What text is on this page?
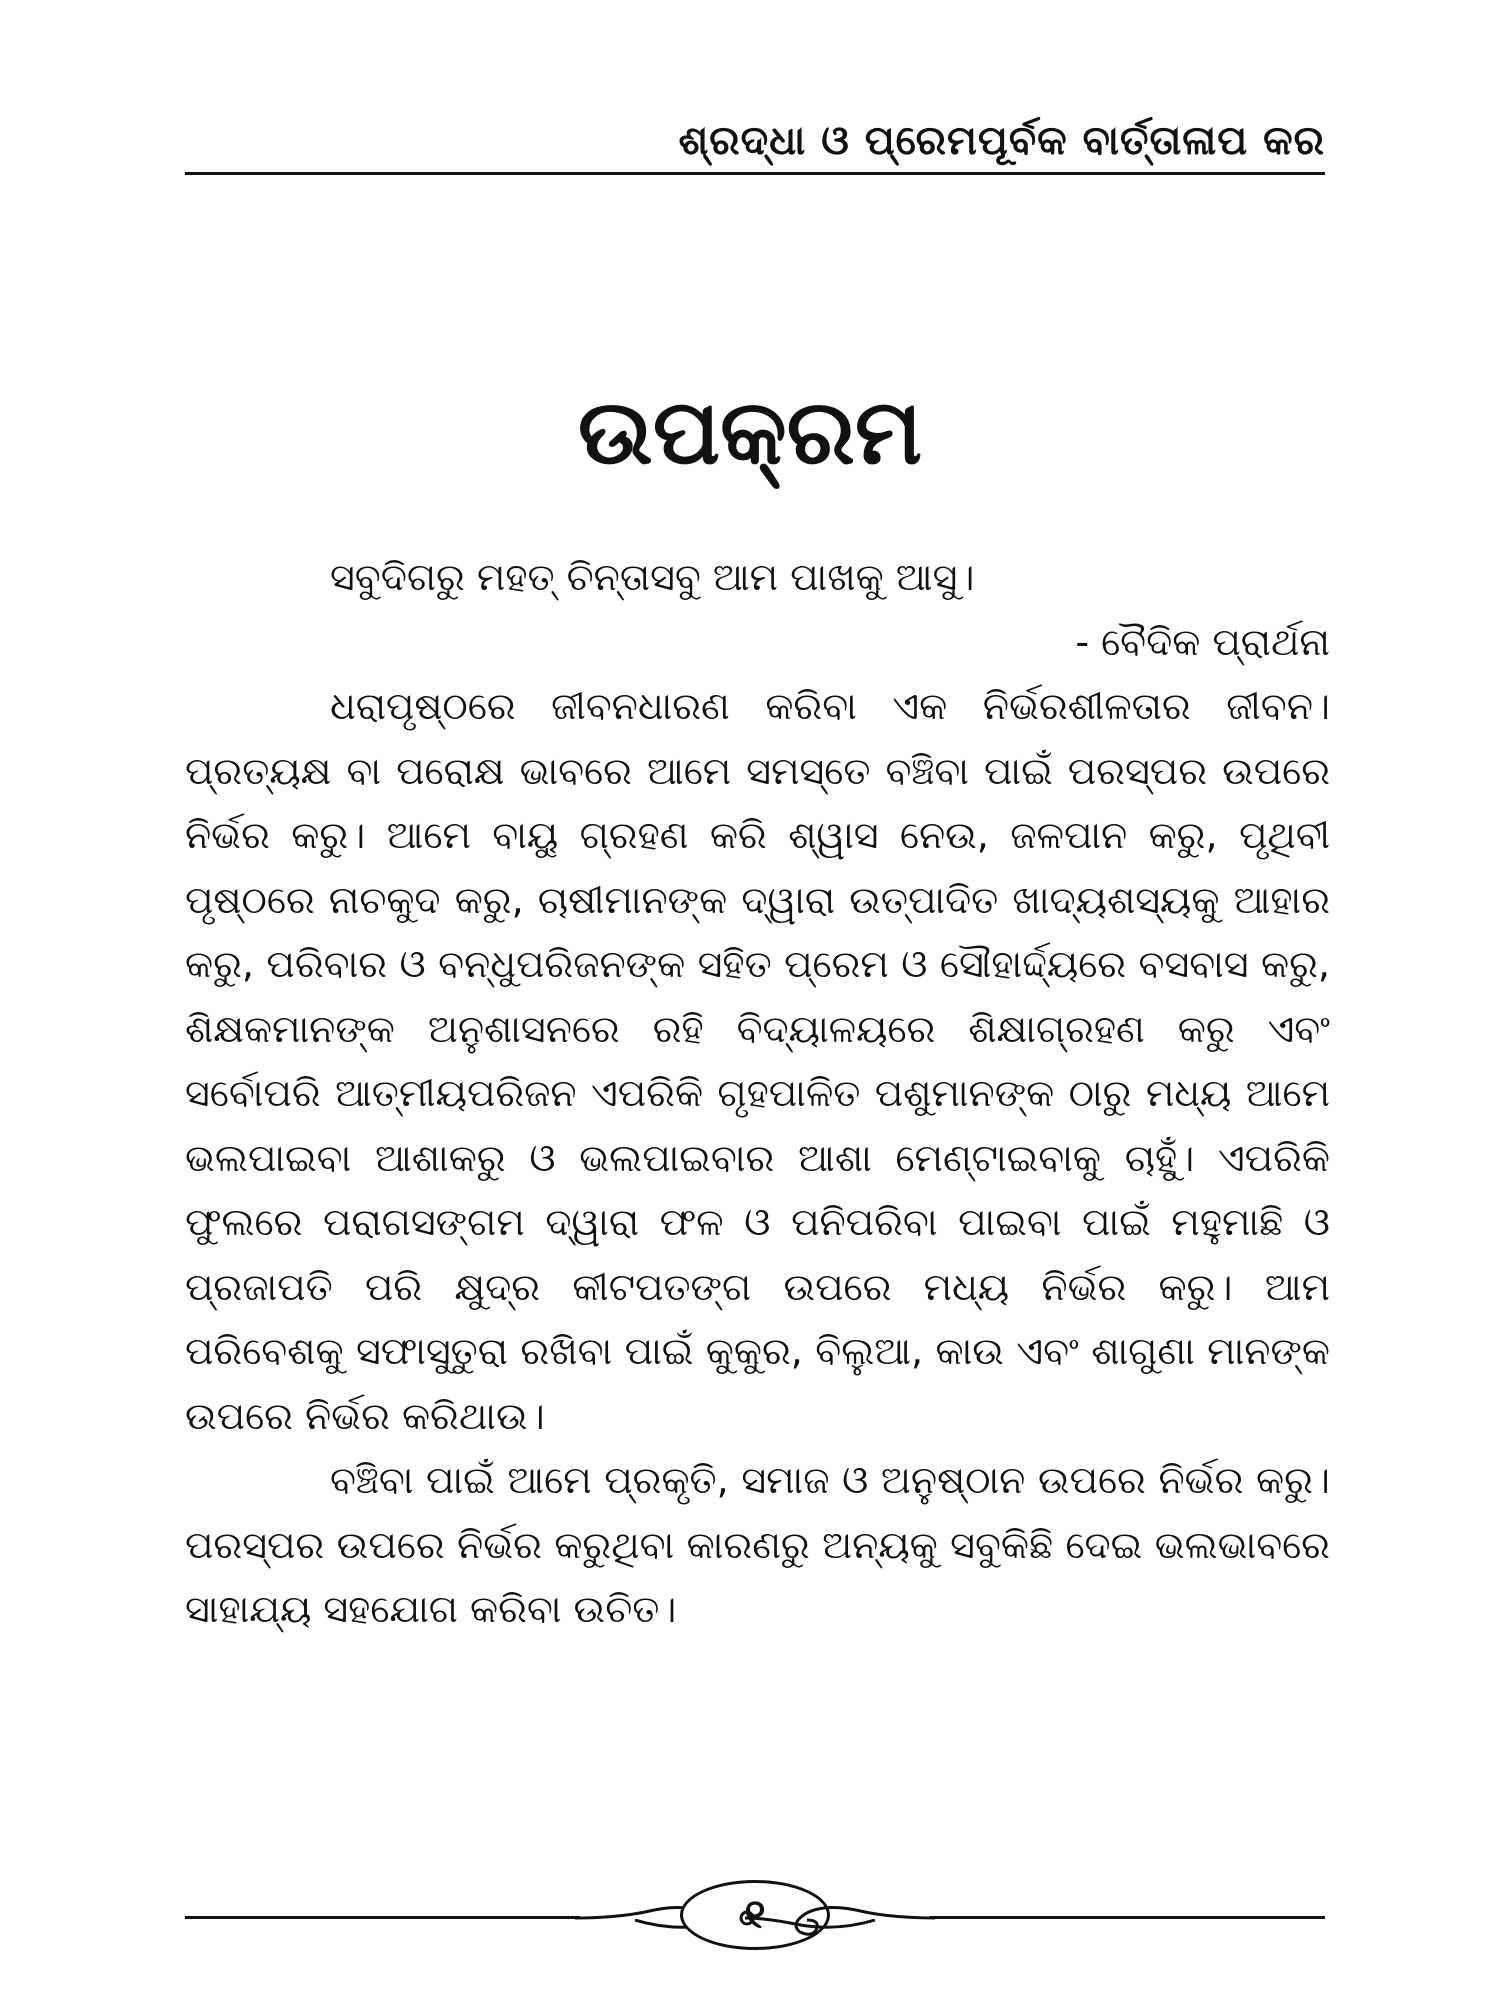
ଶ୍ରଦ୍ଧା ଓ ପ୍ରେମପୂର୍ବକ ବାର୍ତ୍ତାଳାପ କର
ଉପକ୍ରମ
ସବୁଦିଗରୁ ମହତ୍ ଚିନ୍ତାସବୁ ଆମ ପାଖକୁ ଆସୁ।
- ବୈଦିକ ପ୍ରାର୍ଥନା

ଧରାପୃଷ୍ଠରେ ଜୀବନଧାରଣ କରିବା ଏକ ନିର୍ଭରଶୀଳତାର ଜୀବନ। ପ୍ରତ୍ୟକ୍ଷ ବା ପରୋକ୍ଷ ଭାବରେ ଆମେ ସମସ୍ତେ ବଞ୍ଚିବା ପାଇଁ ପରସ୍ପର ଉପରେ ନିର୍ଭର କରୁ। ଆମେ ବାୟୁ ଗ୍ରହଣ କରି ଶ୍ୱାସ ନେଉ, ଜଳପାନ କରୁ, ପୃଥିବୀ ପୃଷ୍ଠରେ ନାଚକୁଦ କରୁ, ଚାଷୀମାନଙ୍କ ଦ୍ୱାରା ଉତ୍ପାଦିତ ଖାଦ୍ୟଶସ୍ୟକୁ ଆହାର କରୁ, ପରିବାର ଓ ବନ୍ଧୁପରିଜନଙ୍କ ସହିତ ପ୍ରେମ ଓ ସୌହାର୍ଦ୍ଦ୍ୟରେ ବସବାସ କରୁ, ଶିକ୍ଷକମାନଙ୍କ ଅନୁଶାସନରେ ରହି ବିଦ୍ୟାଳୟରେ ଶିକ୍ଷାଗ୍ରହଣ କରୁ ଏବଂ ସର୍ବୋପରି ଆତ୍ମୀୟପରିଜନ ଏପରିକି ଗୃହପାଳିତ ପଶୁମାନଙ୍କ ଠାରୁ ମଧ୍ୟ ଆମେ ଭଲପାଇବା ଆଶାକରୁ ଓ ଭଲପାଇବାର ଆଶା ମେଣ୍ଟାଇବାକୁ ଚାହୁଁ। ଏପରିକି ଫୁଲରେ ପରାଗସଙ୍ଗମ ଦ୍ୱାରା ଫଳ ଓ ପନିପରିବା ପାଇବା ପାଇଁ ମହୁମାଛି ଓ ପ୍ରଜାପତି ପରି କ୍ଷୁଦ୍ର କୀଟପତଙ୍ଗ ଉପରେ ମଧ୍ୟ ନିର୍ଭର କରୁ। ଆମ ପରିବେଶକୁ ସଫାସୁତୁରା ରଖିବା ପାଇଁ କୁକୁର, ବିଲୁଆ, କାଉ ଏବଂ ଶାଗୁଣା ମାନଙ୍କ ଉପରେ ନିର୍ଭର କରିଥାଉ।

ବଞ୍ଚିବା ପାଇଁ ଆମେ ପ୍ରକୃତି, ସମାଜ ଓ ଅନୁଷ୍ଠାନ ଉପରେ ନିର୍ଭର କରୁ। ପରସ୍ପର ଉପରେ ନିର୍ଭର କରୁଥିବା କାରଣରୁ ଅନ୍ୟକୁ ସବୁକିଛି ଦେଇ ଭଲଭାବରେ ସାହାଯ୍ୟ ସହଯୋଗ କରିବା ଉଚିତ।

୧
